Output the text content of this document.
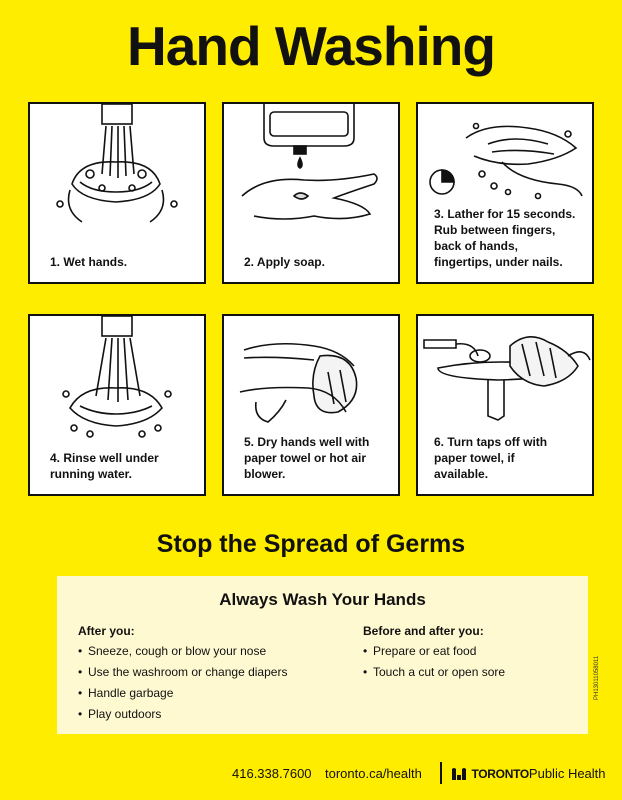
Hand Washing
1. Wet hands.	2. Apply soap.
3. Lather for 15 seconds.
Rub between fingers,
back of hands,
fingertips, under nails.
4. Rinse well under
running water.
5. Dry hands well with
paper towel or hot air
blower.
6. Turn taps off with
paper towel, if
available.
Stop the Spread of Germs
Always Wash Your Hands
After you:
• Sneeze, cough or blow your nose
• Use the washroom or change diapers
• Handle garbage
• Play outdoors
Before and after you:
• Prepare or eat food
• Touch a cut or open sore	PH13011058011
416.338.7600 toronto.ca/health	TORONTOPublic Health
